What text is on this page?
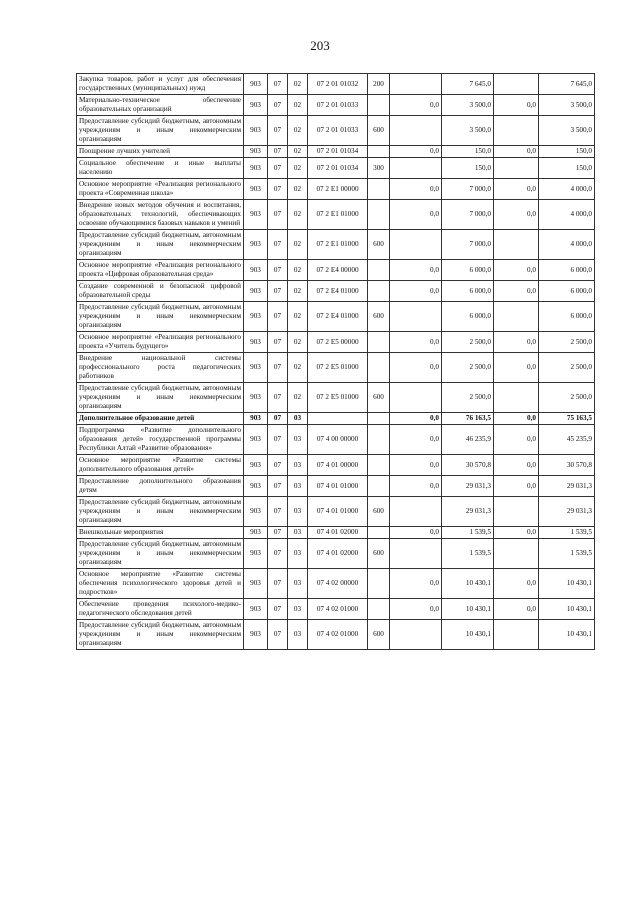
203
Закупка товаров, работ и услуг для обеспечения государственных (муниципальных) нужд	903	07	02	07 2 01 01032	200		7 645,0		7 645,0
Материально-техническое обеспечение образовательных организаций	903	07	02	07 2 01 01033		0,0	3 500,0	0,0	3 500,0
Предоставление субсидий бюджетным, автономным учреждениям и иным некоммерческим организациям	903	07	02	07 2 01 01033	600		3 500,0		3 500,0
Поощрение лучших учителей	903	07	02	07 2 01 01034		0,0	150,0	0,0	150,0
Социальное обеспечение и иные выплаты населению	903	07	02	07 2 01 01034	300		150,0		150,0
Основное мероприятие «Реализация регионального проекта «Современная школа»	903	07	02	07 2 E1 00000		0,0	7 000,0	0,0	4 000,0
Внедрение новых методов обучения и воспитания, образовательных технологий, обеспечивающих освоение обучающимися базовых навыков и умений	903	07	02	07 2 E1 01000		0,0	7 000,0	0,0	4 000,0
Предоставление субсидий бюджетным, автономным учреждениям и иным некоммерческим организациям	903	07	02	07 2 E1 01000	600		7 000,0		4 000,0
Основное мероприятие «Реализация регионального проекта «Цифровая образовательная среда»	903	07	02	07 2 E4 00000		0,0	6 000,0	0,0	6 000,0
Создание современной и безопасной цифровой образовательной среды	903	07	02	07 2 E4 01000		0,0	6 000,0	0,0	6 000,0
Предоставление субсидий бюджетным, автономным учреждениям и иным некоммерческим организациям	903	07	02	07 2 E4 01000	600		6 000,0		6 000,0
Основное мероприятие «Реализация регионального проекта «Учитель будущего»	903	07	02	07 2 E5 00000		0,0	2 500,0	0,0	2 500,0
Внедрение национальной системы профессионального роста педагогических работников	903	07	02	07 2 E5 01000		0,0	2 500,0	0,0	2 500,0
Предоставление субсидий бюджетным, автономным учреждениям и иным некоммерческим организациям	903	07	02	07 2 E5 01000	600		2 500,0		2 500,0
Дополнительное образование детей	903	07	03			0,0	76 163,5	0,0	75 163,5
Подпрограмма «Развитие дополнительного образования детей» государственной программы Республики Алтай «Развитие образования»	903	07	03	07 4 00 00000		0,0	46 235,9	0,0	45 235,9
Основное мероприятие «Развитие системы дополнительного образования детей»	903	07	03	07 4 01 00000		0,0	30 570,8	0,0	30 570,8
Предоставление дополнительного образования детям	903	07	03	07 4 01 01000		0,0	29 031,3	0,0	29 031,3
Предоставление субсидий бюджетным, автономным учреждениям и иным некоммерческим организациям	903	07	03	07 4 01 01000	600		29 031,3		29 031,3
Внешкольные мероприятия	903	07	03	07 4 01 02000		0,0	1 539,5	0,0	1 539,5
Предоставление субсидий бюджетным, автономным учреждениям и иным некоммерческим организациям	903	07	03	07 4 01 02000	600		1 539,5		1 539,5
Основное мероприятие «Развитие системы обеспечения психологического здоровья детей и подростков»	903	07	03	07 4 02 00000		0,0	10 430,1	0,0	10 430,1
Обеспечение проведения психолого-медико-педагогического обследования детей	903	07	03	07 4 02 01000		0,0	10 430,1	0,0	10 430,1
Предоставление субсидий бюджетным, автономным учреждениям и иным некоммерческим организациям	903	07	03	07 4 02 01000	600		10 430,1		10 430,1
